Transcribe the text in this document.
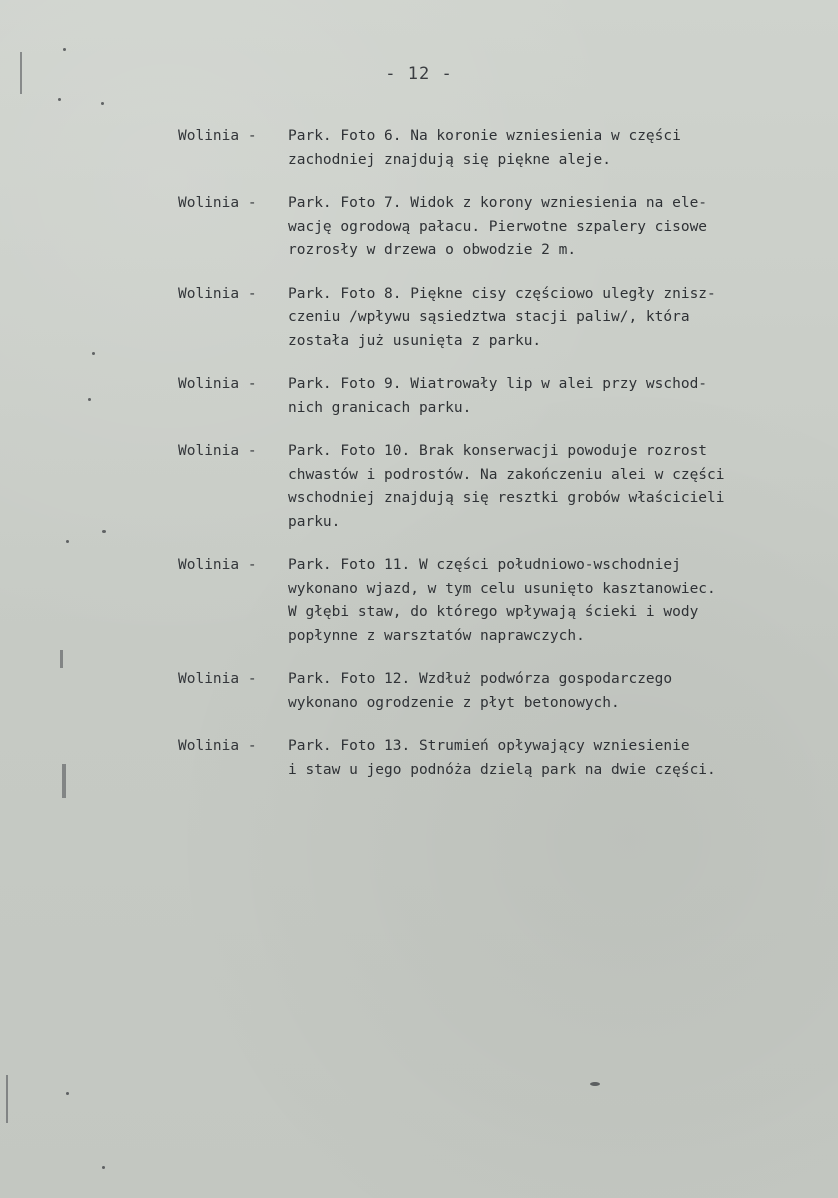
- 12 -
Wolinia -	Park. Foto 6. Na koronie wzniesienia w części
zachodniej znajdują się piękne aleje.
Wolinia -	Park. Foto 7. Widok z korony wzniesienia na ele-
wację ogrodową pałacu. Pierwotne szpalery cisowe
rozrosły w drzewa o obwodzie 2 m.
Wolinia -	Park. Foto 8. Piękne cisy częściowo uległy znisz-
czeniu /wpływu sąsiedztwa stacji paliw/, która
została już usunięta z parku.
Wolinia -	Park. Foto 9. Wiatrowały lip w alei przy wschod-
nich granicach parku.
Wolinia -	Park. Foto 10. Brak konserwacji powoduje rozrost
chwastów i podrostów. Na zakończeniu alei w części
wschodniej znajdują się resztki grobów właścicieli
parku.
Wolinia -	Park. Foto 11. W części południowo-wschodniej
wykonano wjazd, w tym celu usunięto kasztanowiec.
W głębi staw, do którego wpływają ścieki i wody
popłynne z warsztatów naprawczych.
Wolinia -	Park. Foto 12. Wzdłuż podwórza gospodarczego
wykonano ogrodzenie z płyt betonowych.
Wolinia -	Park. Foto 13. Strumień opływający wzniesienie
i staw u jego podnóża dzielą park na dwie części.
